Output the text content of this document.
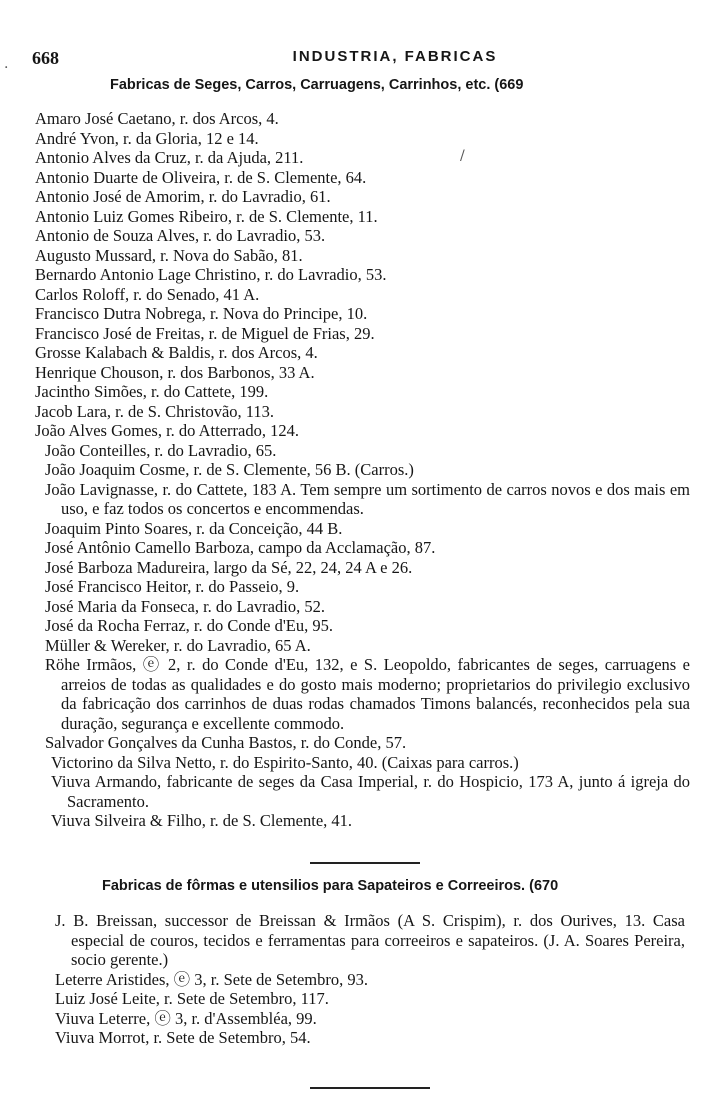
668	INDUSTRIA, FABRICAS
Fabricas de Seges, Carros, Carruagens, Carrinhos, etc. (669
Amaro José Caetano, r. dos Arcos, 4.
André Yvon, r. da Gloria, 12 e 14.
Antonio Alves da Cruz, r. da Ajuda, 211.
Antonio Duarte de Oliveira, r. de S. Clemente, 64.
Antonio José de Amorim, r. do Lavradio, 61.
Antonio Luiz Gomes Ribeiro, r. de S. Clemente, 11.
Antonio de Souza Alves, r. do Lavradio, 53.
Augusto Mussard, r. Nova do Sabão, 81.
Bernardo Antonio Lage Christino, r. do Lavradio, 53.
Carlos Roloff, r. do Senado, 41 A.
Francisco Dutra Nobrega, r. Nova do Principe, 10.
Francisco José de Freitas, r. de Miguel de Frias, 29.
Grosse Kalabach & Baldis, r. dos Arcos, 4.
Henrique Chouson, r. dos Barbonos, 33 A.
Jacintho Simões, r. do Cattete, 199.
Jacob Lara, r. de S. Christovão, 113.
João Alves Gomes, r. do Atterrado, 124.
João Conteilles, r. do Lavradio, 65.
João Joaquim Cosme, r. de S. Clemente, 56 B. (Carros.)
João Lavignasse, r. do Cattete, 183 A. Tem sempre um sortimento de carros novos e dos mais em uso, e faz todos os concertos e encommendas.
Joaquim Pinto Soares, r. da Conceição, 44 B.
José Antônio Camello Barboza, campo da Acclamação, 87.
José Barboza Madureira, largo da Sé, 22, 24, 24 A e 26.
José Francisco Heitor, r. do Passeio, 9.
José Maria da Fonseca, r. do Lavradio, 52.
José da Rocha Ferraz, r. do Conde d'Eu, 95.
Müller & Wereker, r. do Lavradio, 65 A.
Röhe Irmãos, ⓔ 2, r. do Conde d'Eu, 132, e S. Leopoldo, fabricantes de seges, carruagens e arreios de todas as qualidades e do gosto mais moderno; proprietarios do privilegio exclusivo da fabricação dos carrinhos de duas rodas chamados Timons balancés, reconhecidos pela sua duração, segurança e excellente commodo.
Salvador Gonçalves da Cunha Bastos, r. do Conde, 57.
Victorino da Silva Netto, r. do Espirito-Santo, 40. (Caixas para carros.)
Viuva Armando, fabricante de seges da Casa Imperial, r. do Hospicio, 173 A, junto á igreja do Sacramento.
Viuva Silveira & Filho, r. de S. Clemente, 41.
Fabricas de fôrmas e utensilios para Sapateiros e Correeiros. (670
J. B. Breissan, successor de Breissan & Irmãos (A S. Crispim), r. dos Ourives, 13. Casa especial de couros, tecidos e ferramentas para correeiros e sapateiros. (J. A. Soares Pereira, socio gerente.)
Leterre Aristides, ⓔ 3, r. Sete de Setembro, 93.
Luiz José Leite, r. Sete de Setembro, 117.
Viuva Leterre, ⓔ 3, r. d'Assembléa, 99.
Viuva Morrot, r. Sete de Setembro, 54.
/
·
